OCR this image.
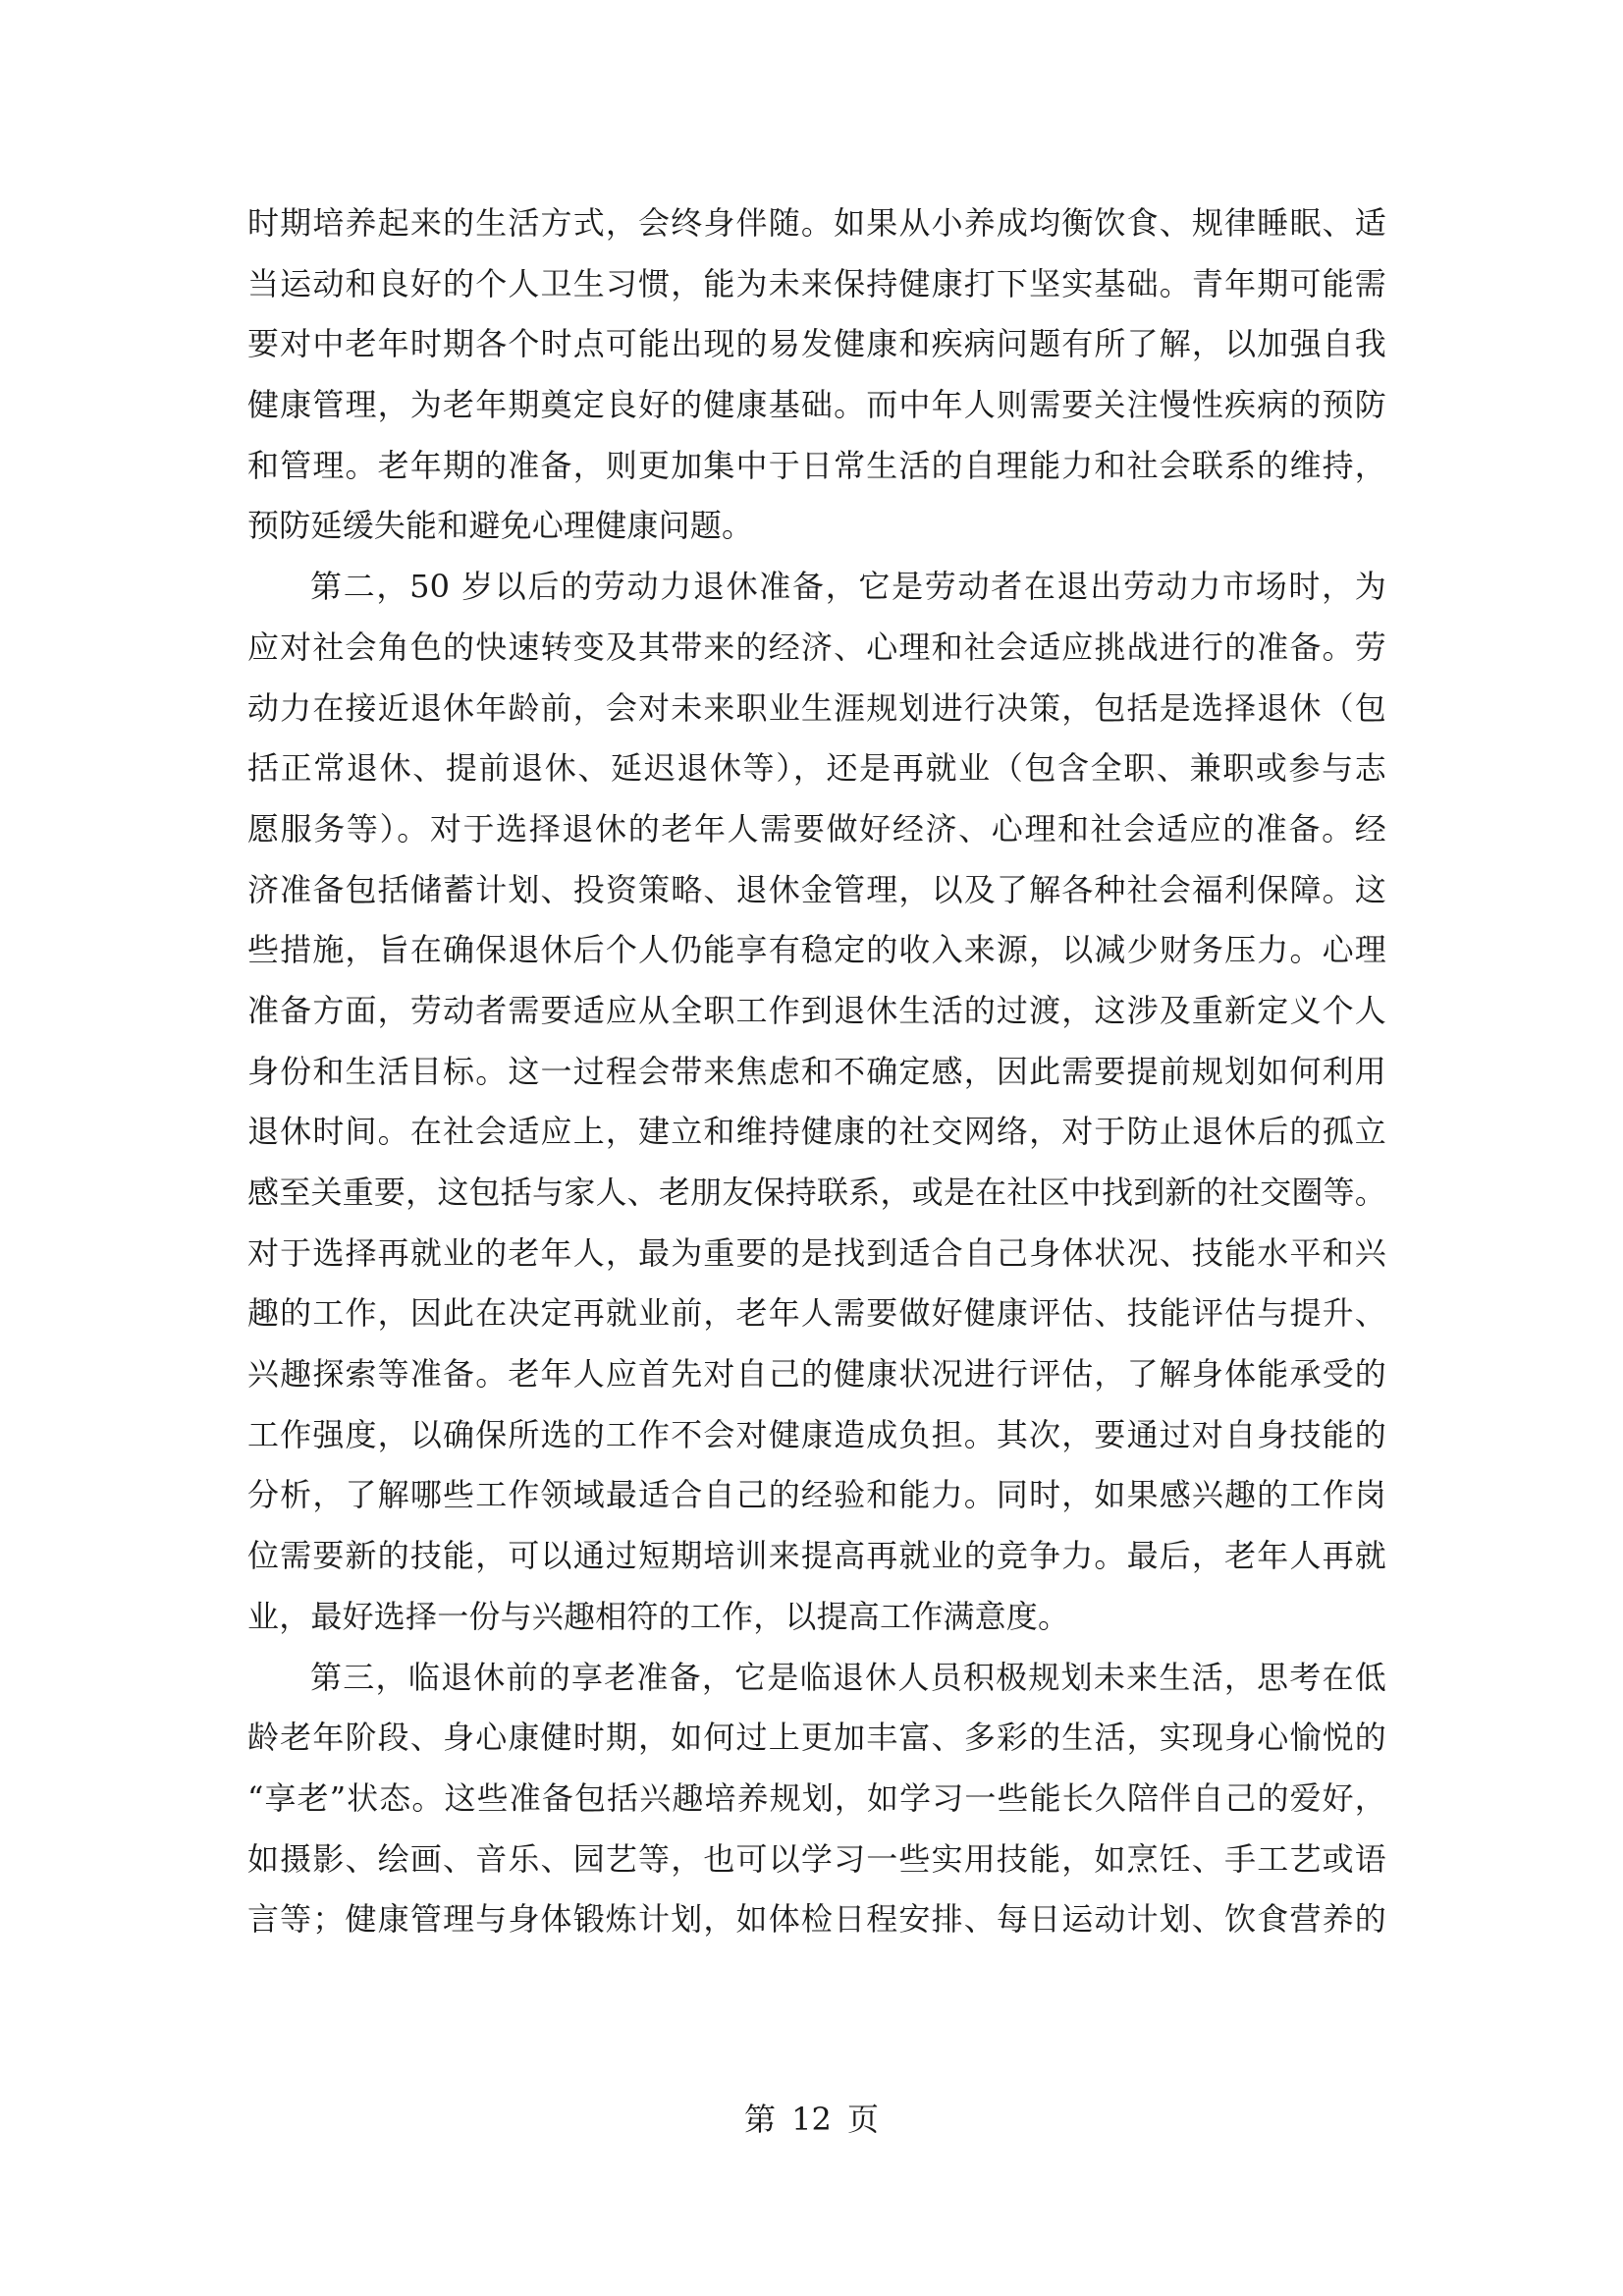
时期培养起来的生活方式，会终身伴随。如果从小养成均衡饮食、规律睡眠、适
当运动和良好的个人卫生习惯，能为未来保持健康打下坚实基础。青年期可能需
要对中老年时期各个时点可能出现的易发健康和疾病问题有所了解，以加强自我
健康管理，为老年期奠定良好的健康基础。而中年人则需要关注慢性疾病的预防
和管理。老年期的准备，则更加集中于日常生活的自理能力和社会联系的维持，
预防延缓失能和避免心理健康问题。
第二，50 岁以后的劳动力退休准备，它是劳动者在退出劳动力市场时，为
应对社会角色的快速转变及其带来的经济、心理和社会适应挑战进行的准备。劳
动力在接近退休年龄前，会对未来职业生涯规划进行决策，包括是选择退休（包
括正常退休、提前退休、延迟退休等），还是再就业（包含全职、兼职或参与志
愿服务等）。对于选择退休的老年人需要做好经济、心理和社会适应的准备。经
济准备包括储蓄计划、投资策略、退休金管理，以及了解各种社会福利保障。这
些措施，旨在确保退休后个人仍能享有稳定的收入来源，以减少财务压力。心理
准备方面，劳动者需要适应从全职工作到退休生活的过渡，这涉及重新定义个人
身份和生活目标。这一过程会带来焦虑和不确定感，因此需要提前规划如何利用
退休时间。在社会适应上，建立和维持健康的社交网络，对于防止退休后的孤立
感至关重要，这包括与家人、老朋友保持联系，或是在社区中找到新的社交圈等。
对于选择再就业的老年人，最为重要的是找到适合自己身体状况、技能水平和兴
趣的工作，因此在决定再就业前，老年人需要做好健康评估、技能评估与提升、
兴趣探索等准备。老年人应首先对自己的健康状况进行评估，了解身体能承受的
工作强度，以确保所选的工作不会对健康造成负担。其次，要通过对自身技能的
分析，了解哪些工作领域最适合自己的经验和能力。同时，如果感兴趣的工作岗
位需要新的技能，可以通过短期培训来提高再就业的竞争力。最后，老年人再就
业，最好选择一份与兴趣相符的工作，以提高工作满意度。
第三，临退休前的享老准备，它是临退休人员积极规划未来生活，思考在低
龄老年阶段、身心康健时期，如何过上更加丰富、多彩的生活，实现身心愉悦的
“享老”状态。这些准备包括兴趣培养规划，如学习一些能长久陪伴自己的爱好，
如摄影、绘画、音乐、园艺等，也可以学习一些实用技能，如烹饪、手工艺或语
言等；健康管理与身体锻炼计划，如体检日程安排、每日运动计划、饮食营养的
第 12 页
